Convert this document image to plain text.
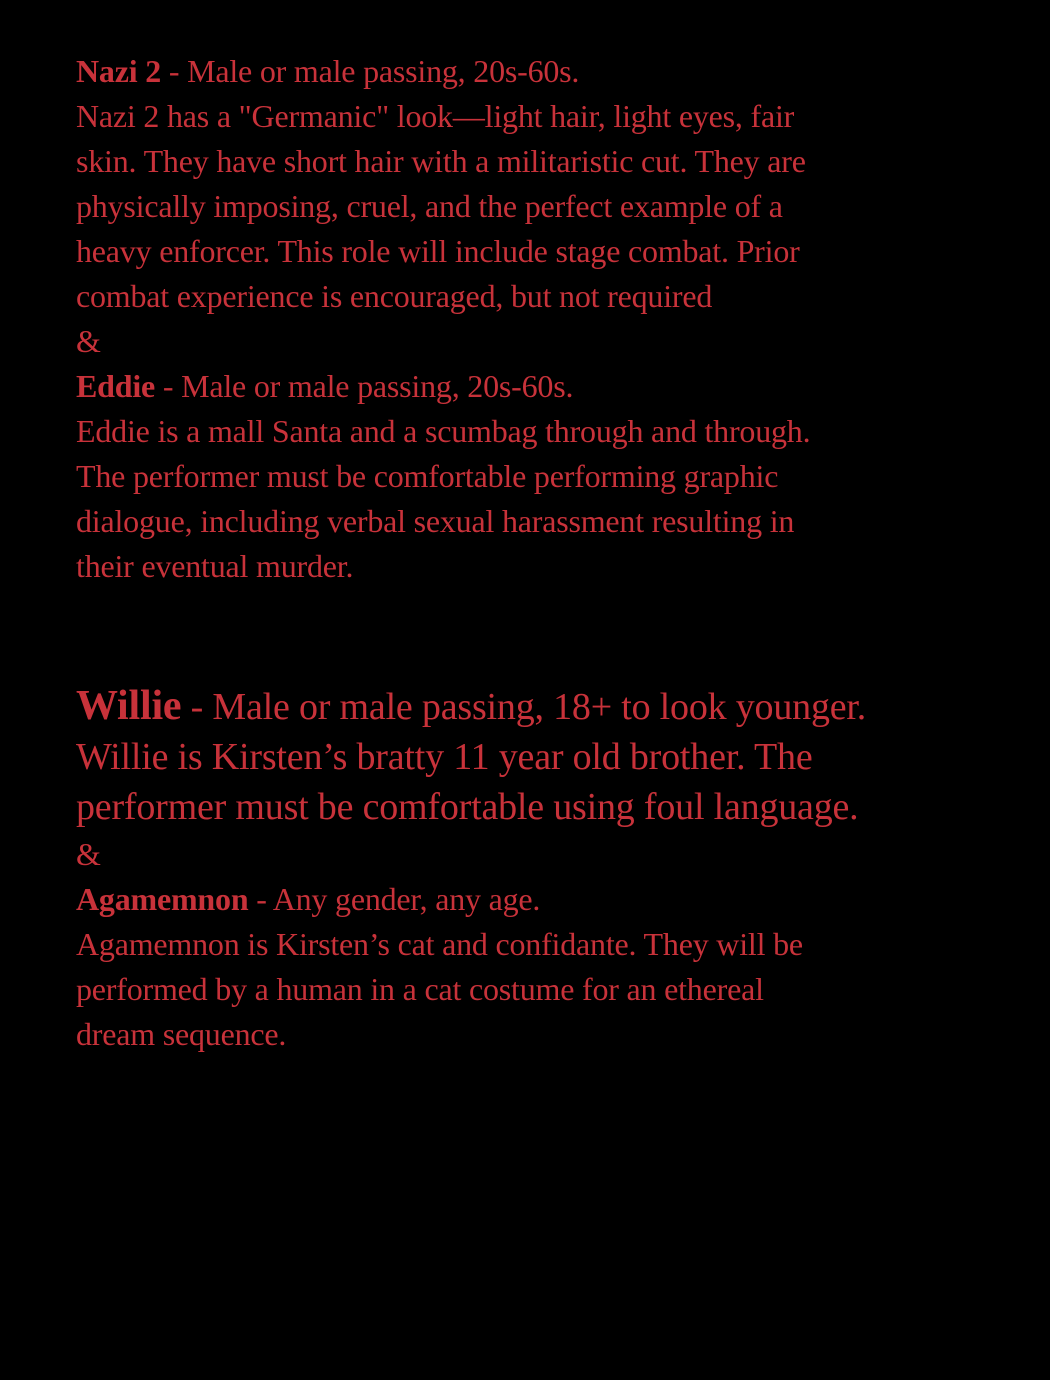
Nazi 2 - Male or male passing, 20s-60s.
Nazi 2 has a "Germanic" look—light hair, light eyes, fair
skin. They have short hair with a militaristic cut. They are
physically imposing, cruel, and the perfect example of a
heavy enforcer. This role will include stage combat. Prior
combat experience is encouraged, but not required
&
Eddie - Male or male passing, 20s-60s.
Eddie is a mall Santa and a scumbag through and through.
The performer must be comfortable performing graphic
dialogue, including verbal sexual harassment resulting in
their eventual murder.
Willie - Male or male passing, 18+ to look younger.
Willie is Kirsten’s bratty 11 year old brother. The
performer must be comfortable using foul language.
&
Agamemnon - Any gender, any age.
Agamemnon is Kirsten’s cat and confidante. They will be
performed by a human in a cat costume for an ethereal
dream sequence.
